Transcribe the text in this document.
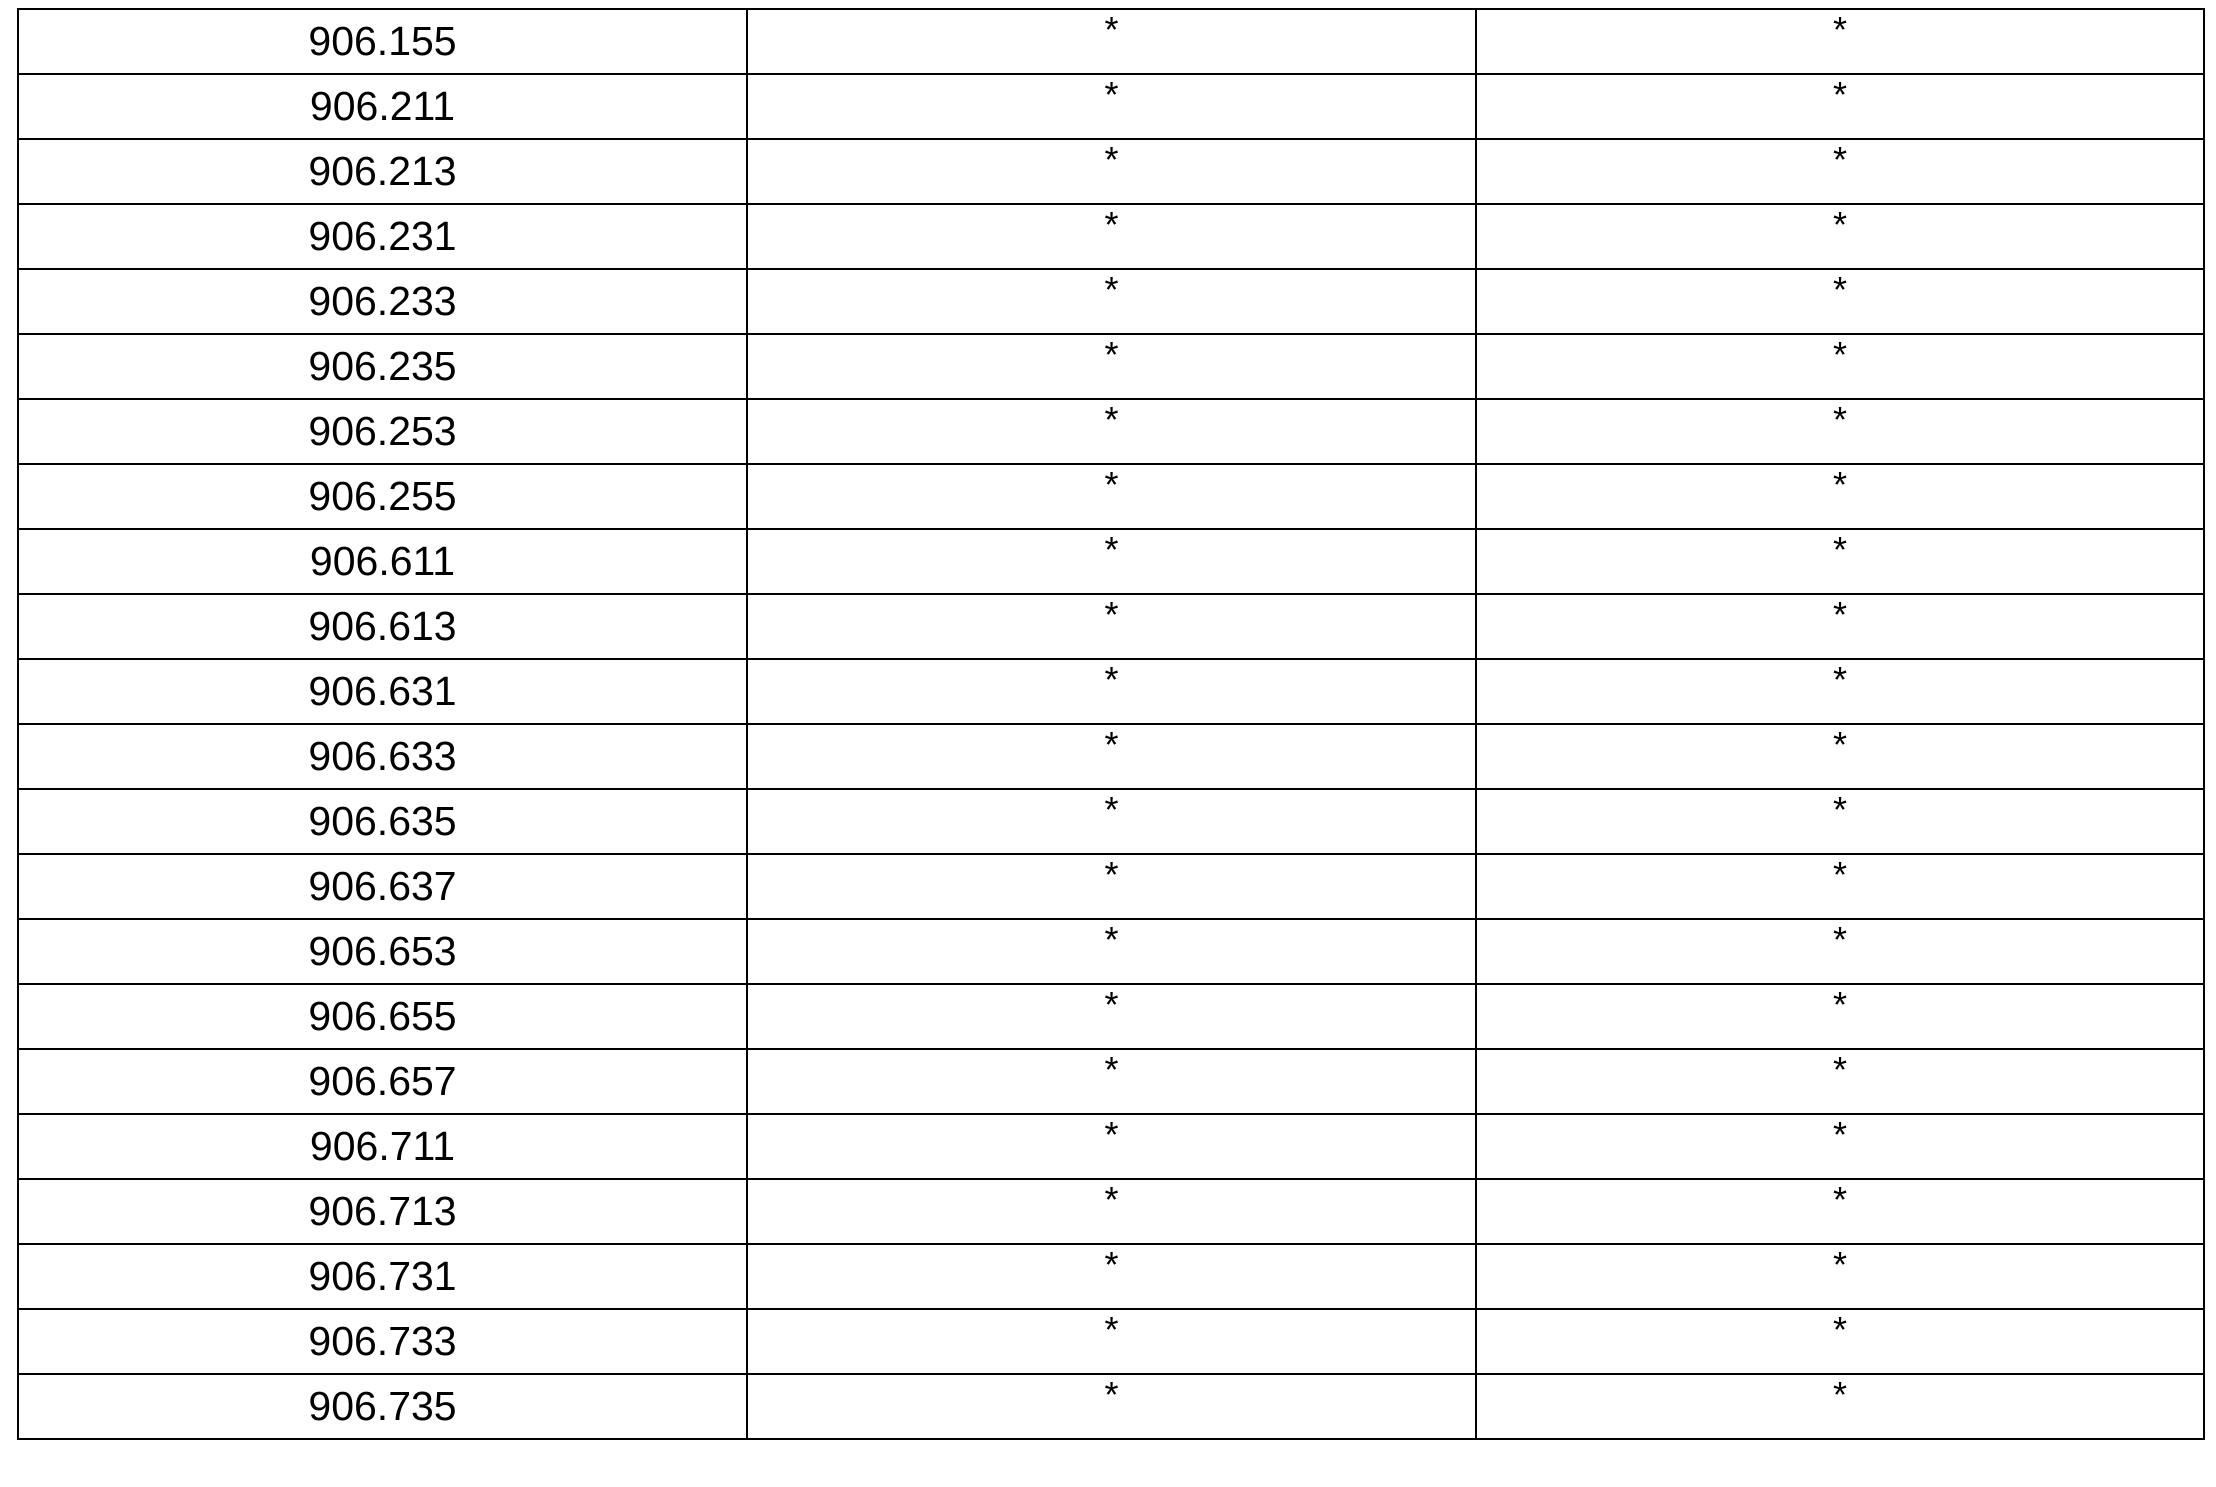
906.155	*	*
906.211	*	*
906.213	*	*
906.231	*	*
906.233	*	*
906.235	*	*
906.253	*	*
906.255	*	*
906.611	*	*
906.613	*	*
906.631	*	*
906.633	*	*
906.635	*	*
906.637	*	*
906.653	*	*
906.655	*	*
906.657	*	*
906.711	*	*
906.713	*	*
906.731	*	*
906.733	*	*
906.735	*	*
